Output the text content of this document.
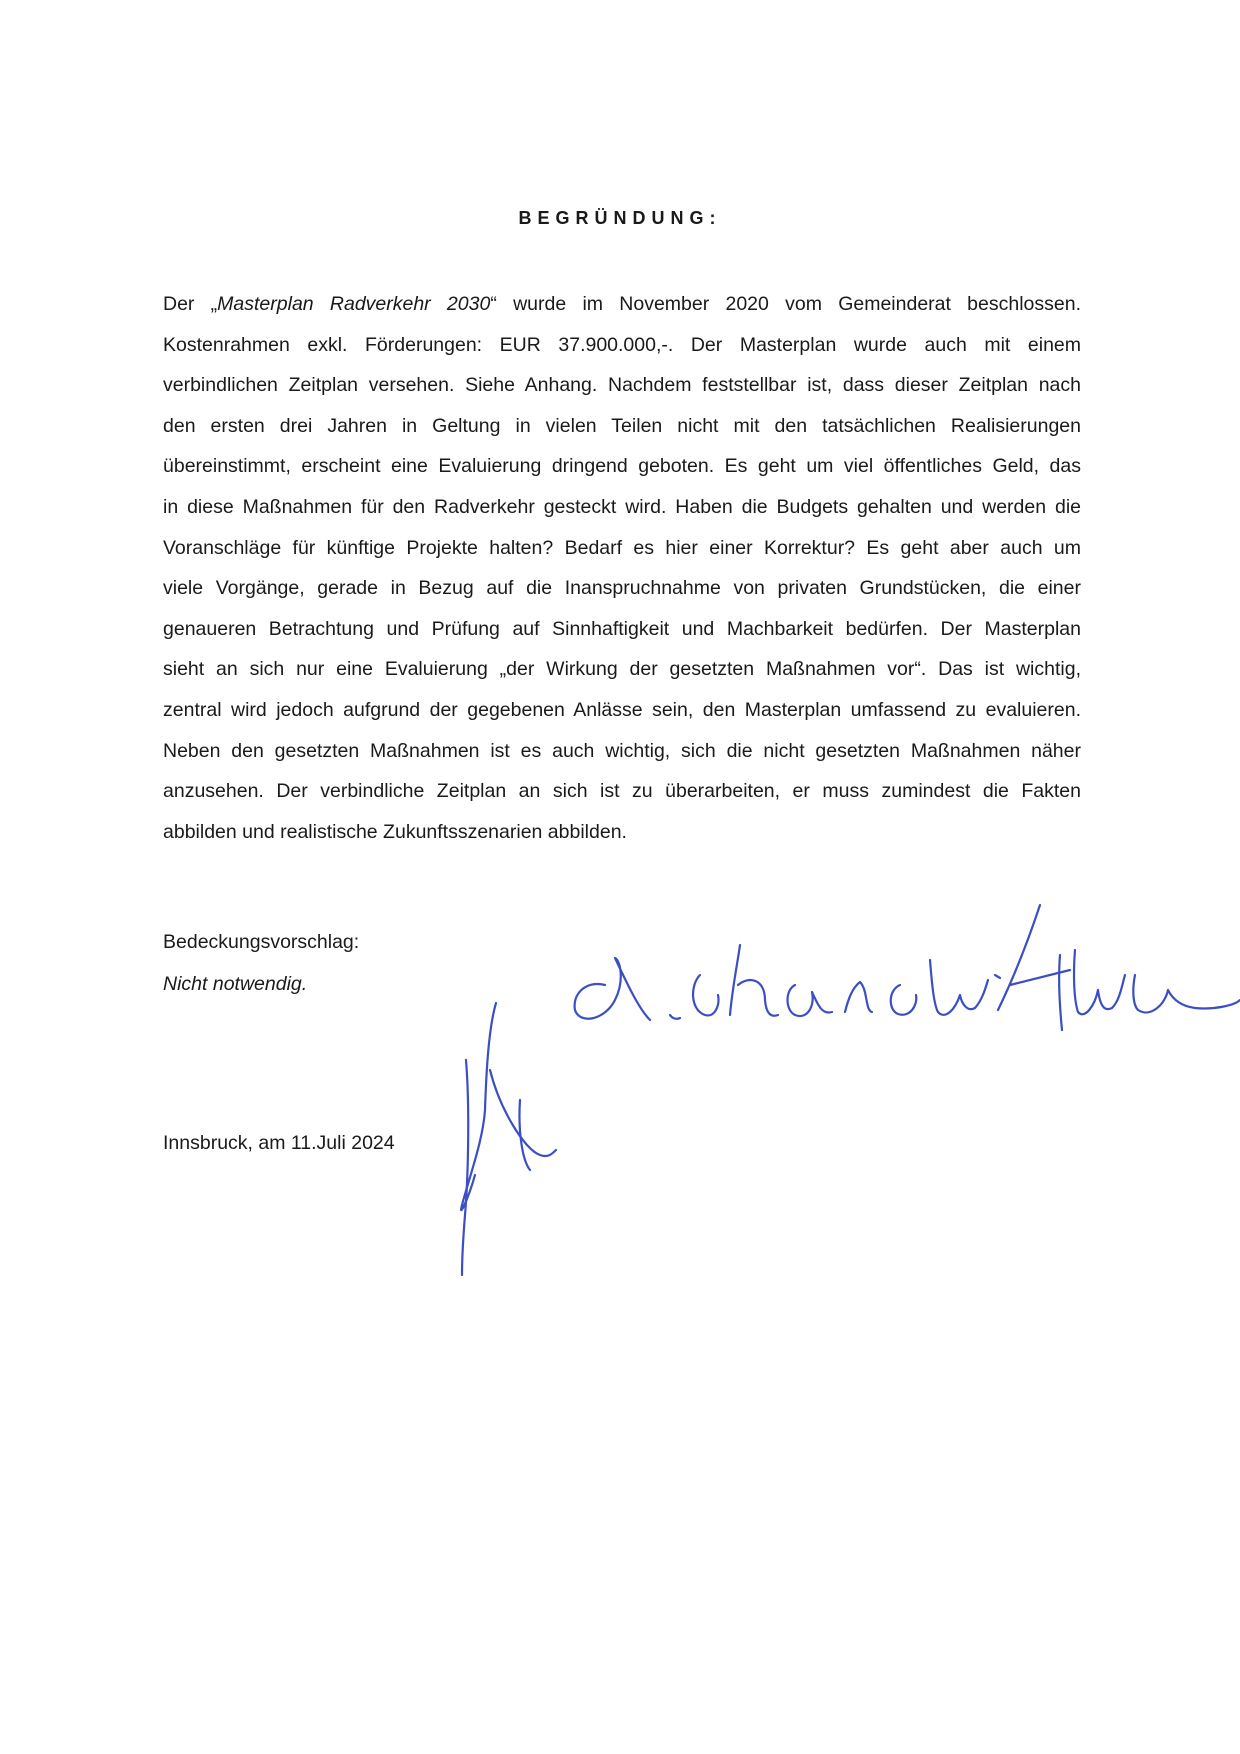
BEGRÜNDUNG:
Der „Masterplan Radverkehr 2030“ wurde im November 2020 vom Gemeinderat beschlossen.
Kostenrahmen exkl. Förderungen: EUR 37.900.000,-. Der Masterplan wurde auch mit einem
verbindlichen Zeitplan versehen. Siehe Anhang. Nachdem feststellbar ist, dass dieser Zeitplan nach
den ersten drei Jahren in Geltung in vielen Teilen nicht mit den tatsächlichen Realisierungen
übereinstimmt, erscheint eine Evaluierung dringend geboten. Es geht um viel öffentliches Geld, das
in diese Maßnahmen für den Radverkehr gesteckt wird. Haben die Budgets gehalten und werden die
Voranschläge für künftige Projekte halten? Bedarf es hier einer Korrektur? Es geht aber auch um
viele Vorgänge, gerade in Bezug auf die Inanspruchnahme von privaten Grundstücken, die einer
genaueren Betrachtung und Prüfung auf Sinnhaftigkeit und Machbarkeit bedürfen. Der Masterplan
sieht an sich nur eine Evaluierung „der Wirkung der gesetzten Maßnahmen vor“. Das ist wichtig,
zentral wird jedoch aufgrund der gegebenen Anlässe sein, den Masterplan umfassend zu evaluieren.
Neben den gesetzten Maßnahmen ist es auch wichtig, sich die nicht gesetzten Maßnahmen näher
anzusehen. Der verbindliche Zeitplan an sich ist zu überarbeiten, er muss zumindest die Fakten
abbilden und realistische Zukunftsszenarien abbilden.
Bedeckungsvorschlag:
Nicht notwendig.
Innsbruck, am 11.Juli 2024
